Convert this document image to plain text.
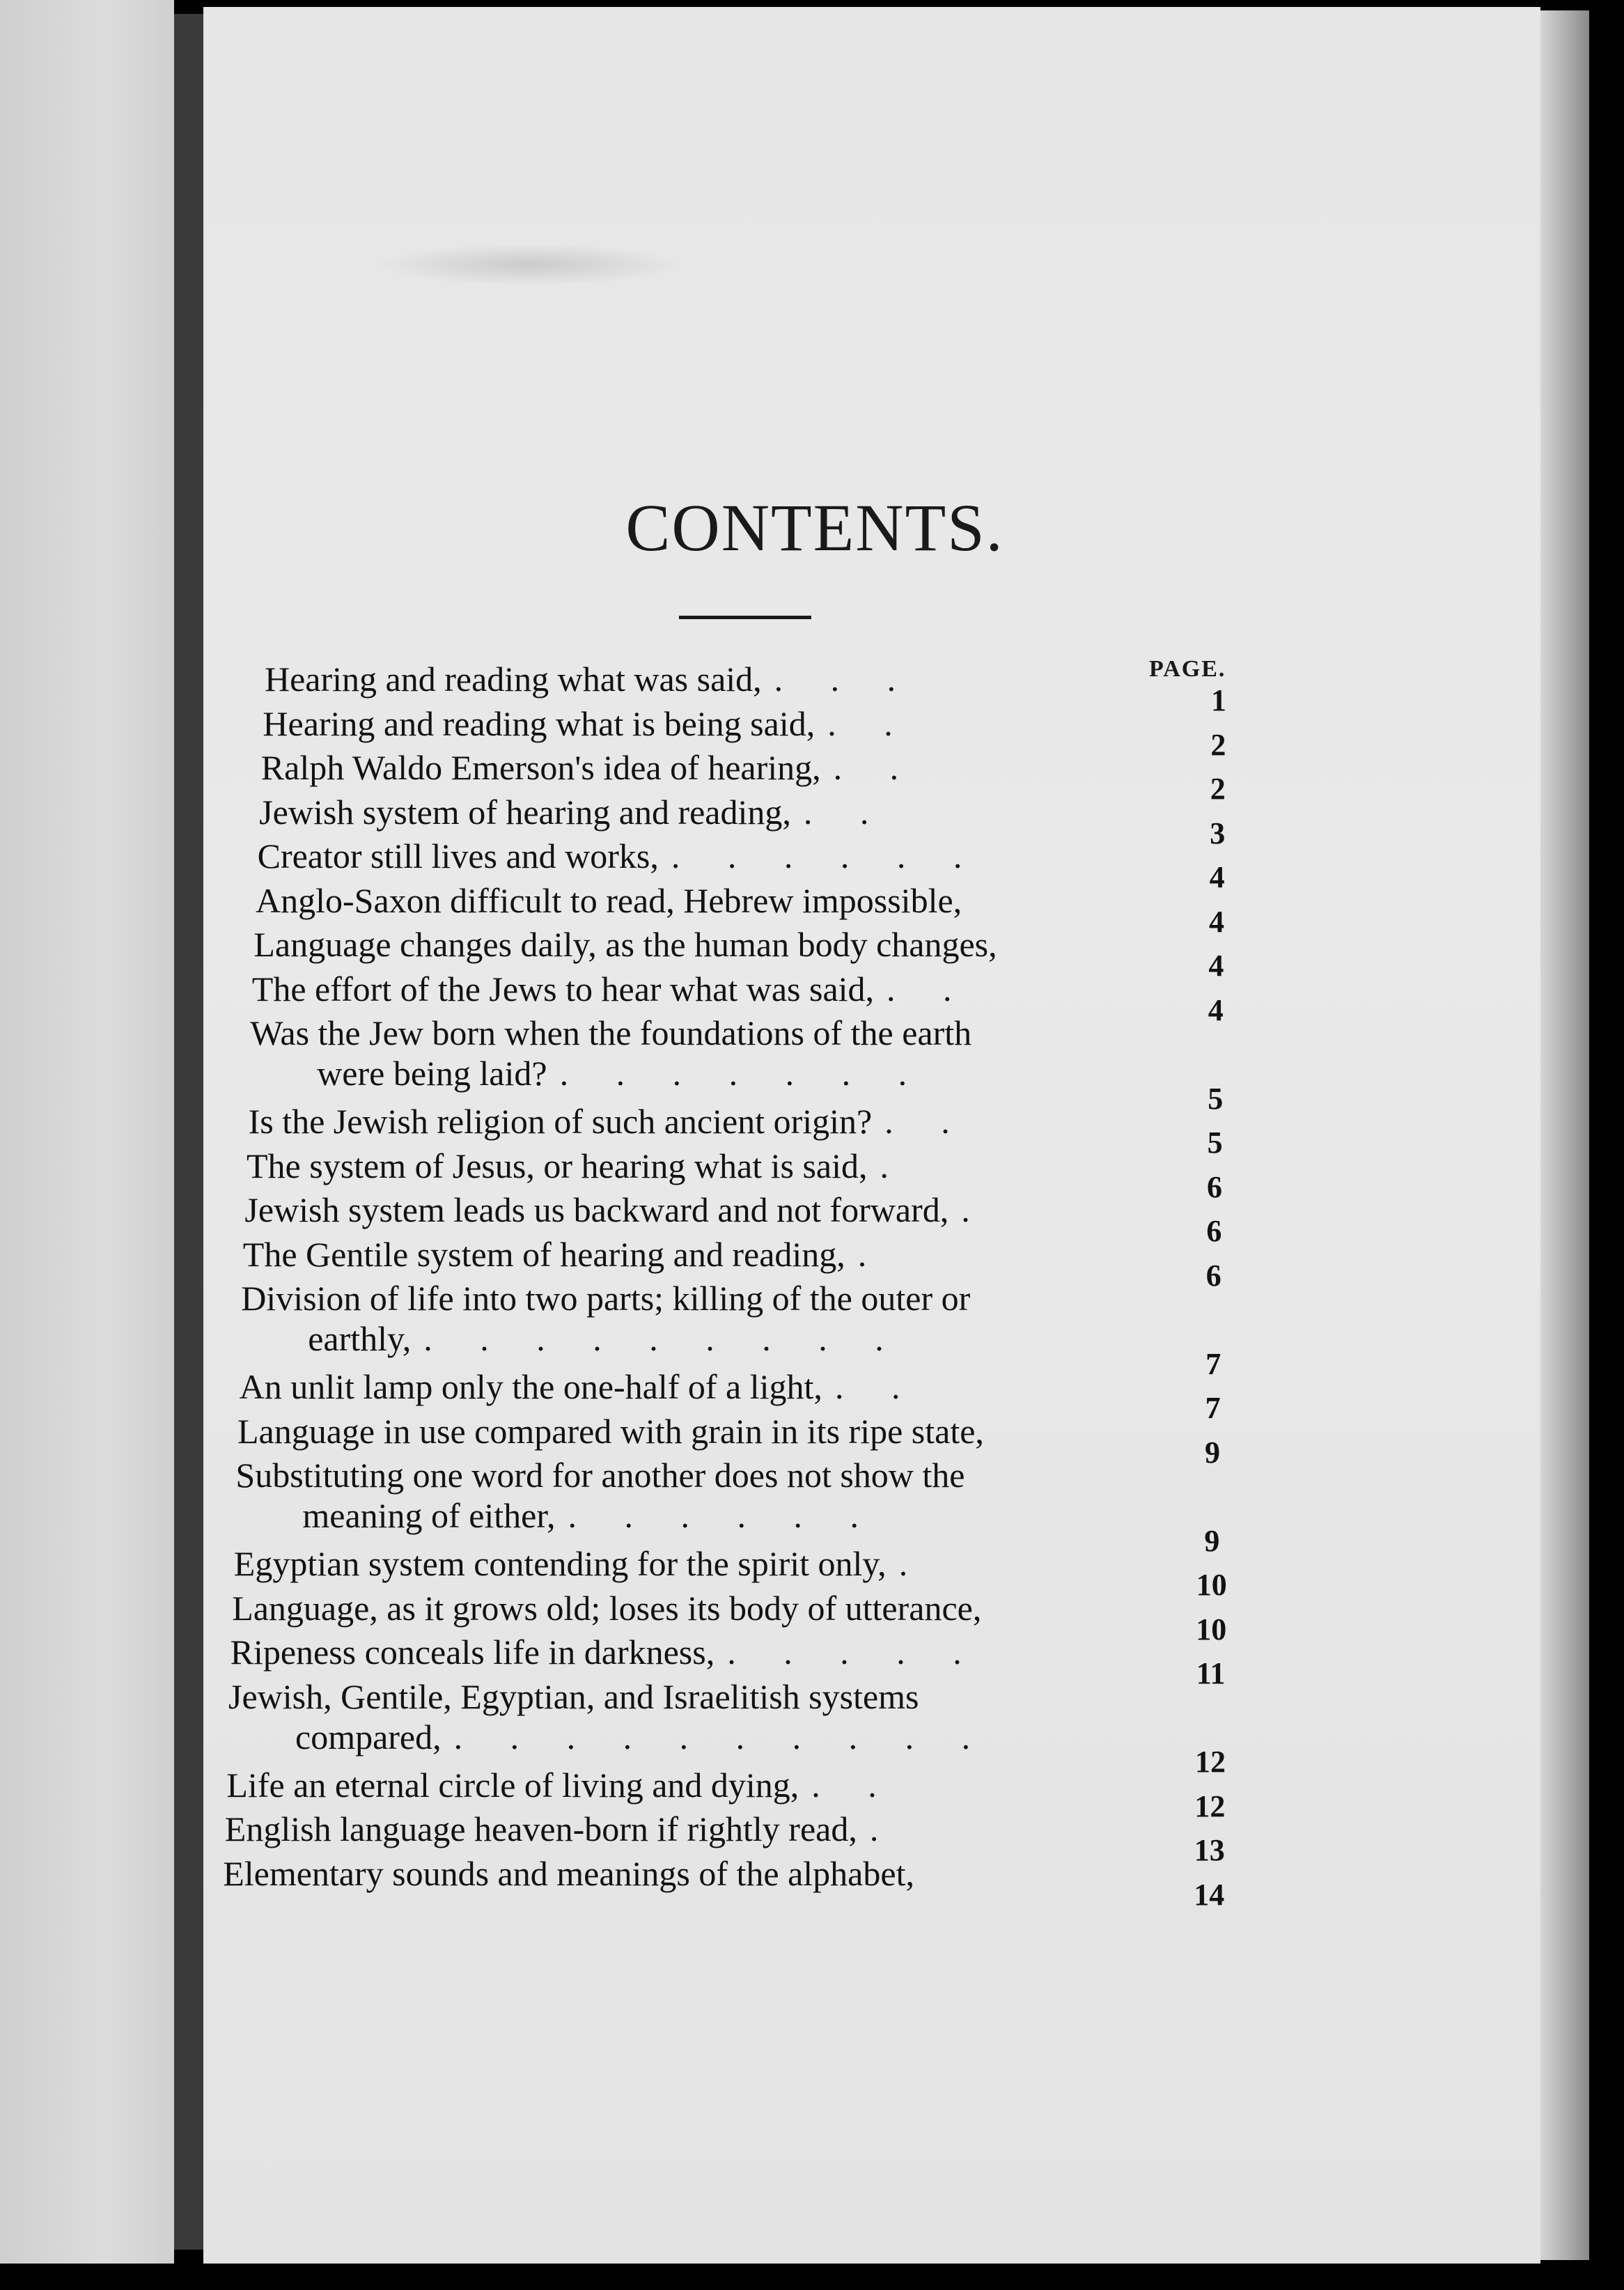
CONTENTS.
PAGE.
Hearing and reading what was said, . . .
1
Hearing and reading what is being said, . .
2
Ralph Waldo Emerson's idea of hearing, . .
2
Jewish system of hearing and reading, . .
3
Creator still lives and works, . . . . . .
4
Anglo-Saxon difficult to read, Hebrew impossible,
4
Language changes daily, as the human body changes,
4
The effort of the Jews to hear what was said, . .
4
Was the Jew born when the foundations of the earth
were being laid? . . . . . . .
5
Is the Jewish religion of such ancient origin? . .
5
The system of Jesus, or hearing what is said, .
6
Jewish system leads us backward and not forward, .
6
The Gentile system of hearing and reading, .
6
Division of life into two parts; killing of the outer or
earthly, . . . . . . . . .
7
An unlit lamp only the one-half of a light, . .
7
Language in use compared with grain in its ripe state,
9
Substituting one word for another does not show the
meaning of either, . . . . . .
9
Egyptian system contending for the spirit only, .
10
Language, as it grows old; loses its body of utterance,
10
Ripeness conceals life in darkness, . . . . .
11
Jewish, Gentile, Egyptian, and Israelitish systems
compared, . . . . . . . . . .
12
Life an eternal circle of living and dying, . .
12
English language heaven-born if rightly read, .
13
Elementary sounds and meanings of the alphabet,
14
